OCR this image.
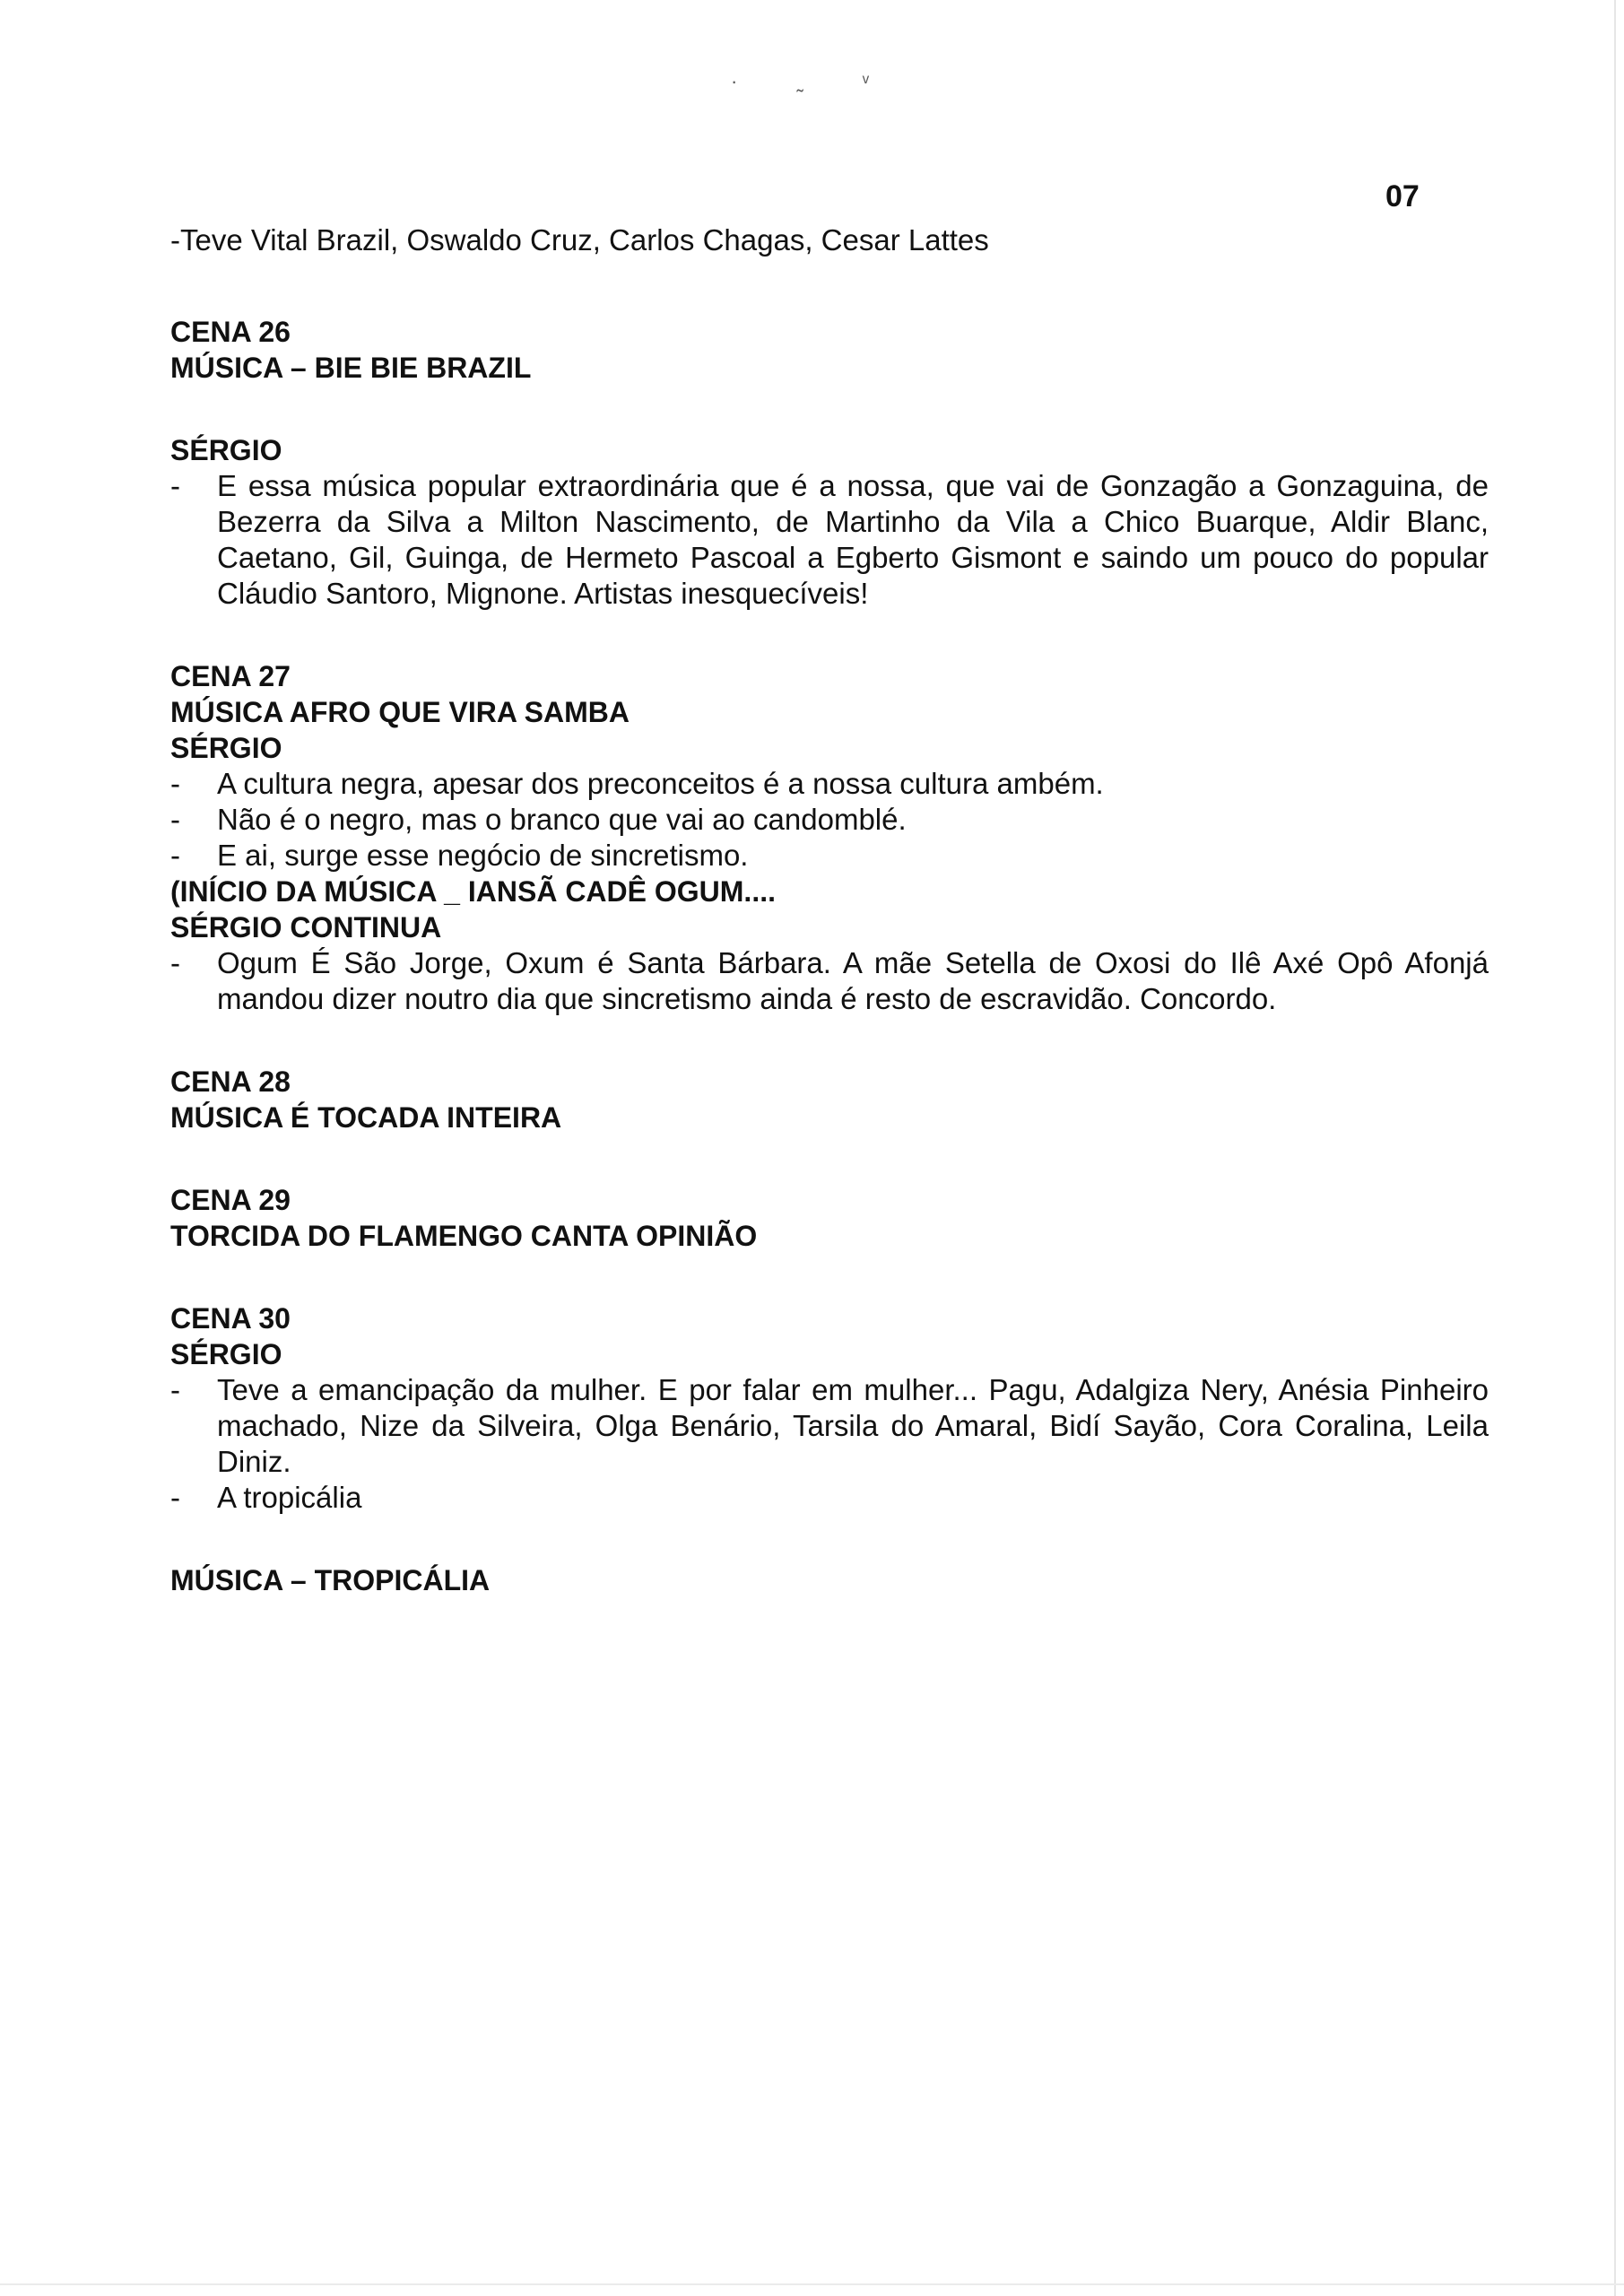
· ˷ ᵛ
07

-Teve Vital Brazil, Oswaldo Cruz, Carlos Chagas, Cesar Lattes

CENA 26

MÚSICA – BIE BIE BRAZIL

SÉRGIO

- E essa música popular extraordinária que é a nossa, que vai de Gonzagão a Gonzaguina, de Bezerra da Silva a Milton Nascimento, de Martinho da Vila a Chico Buarque, Aldir Blanc, Caetano, Gil, Guinga, de Hermeto Pascoal a Egberto Gismont e saindo um pouco do popular Cláudio Santoro, Mignone. Artistas inesquecíveis!

CENA 27

MÚSICA AFRO QUE VIRA SAMBA

SÉRGIO

- A cultura negra, apesar dos preconceitos é a nossa cultura ambém.
- Não é o negro, mas o branco que vai ao candomblé.
- E ai, surge esse negócio de sincretismo.

(INÍCIO DA MÚSICA _ IANSÃ CADÊ OGUM....

SÉRGIO CONTINUA

- Ogum É São Jorge, Oxum é Santa Bárbara. A mãe Setella de Oxosi do Ilê Axé Opô Afonjá mandou dizer noutro dia que sincretismo ainda é resto de escravidão. Concordo.

CENA 28

MÚSICA É TOCADA INTEIRA

CENA 29

TORCIDA DO FLAMENGO CANTA OPINIÃO

CENA 30

SÉRGIO

- Teve a emancipação da mulher. E por falar em mulher... Pagu, Adalgiza Nery, Anésia Pinheiro machado, Nize da Silveira, Olga Benário, Tarsila do Amaral, Bidí Sayão, Cora Coralina, Leila Diniz.
- A tropicália

MÚSICA – TROPICÁLIA
